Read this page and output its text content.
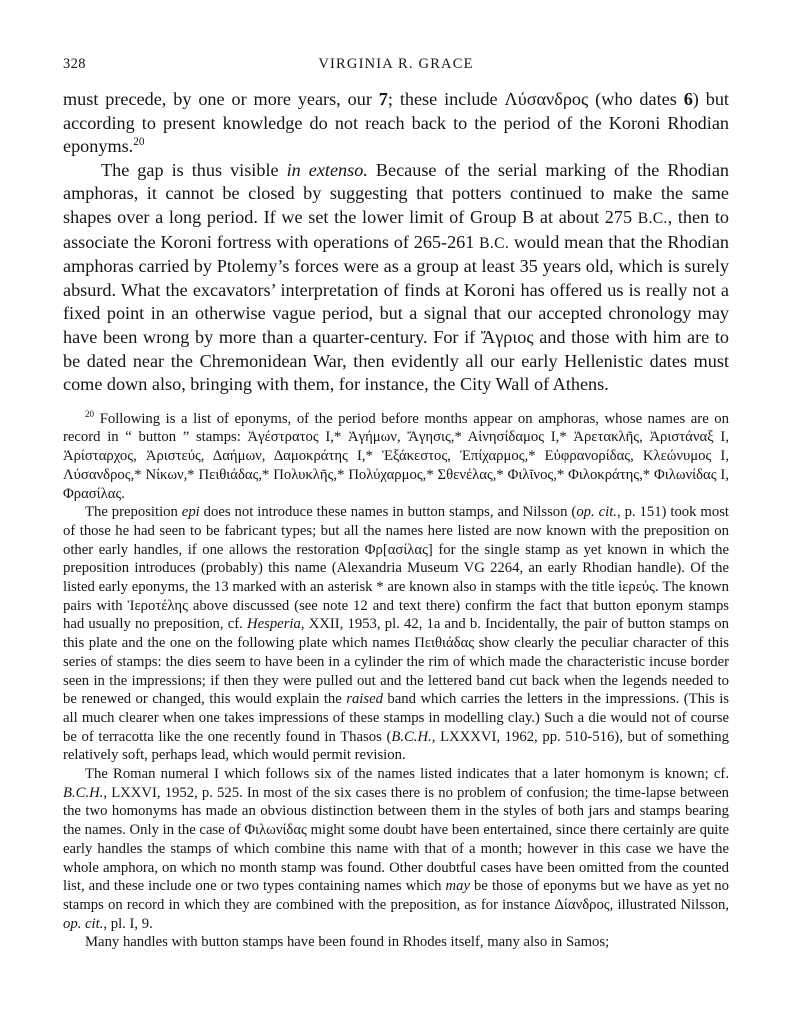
328	VIRGINIA R. GRACE

must precede, by one or more years, our 7; these include Λύσανδρος (who dates 6) but according to present knowledge do not reach back to the period of the Koroni Rhodian eponyms.$^{20}$

The gap is thus visible in extenso. Because of the serial marking of the Rhodian amphoras, it cannot be closed by suggesting that potters continued to make the same shapes over a long period. If we set the lower limit of Group B at about 275 B.C., then to associate the Koroni fortress with operations of 265-261 B.C. would mean that the Rhodian amphoras carried by Ptolemy’s forces were as a group at least 35 years old, which is surely absurd. What the excavators’ interpretation of finds at Koroni has offered us is really not a fixed point in an otherwise vague period, but a signal that our accepted chronology may have been wrong by more than a quarter-century. For if Ἄγριος and those with him are to be dated near the Chremonidean War, then evidently all our early Hellenistic dates must come down also, bringing with them, for instance, the City Wall of Athens.

$^{20}$ Following is a list of eponyms, of the period before months appear on amphoras, whose names are on record in “ button ” stamps: Ἀγέστρατος I,* Ἀγήμων, Ἄγησις,* Αἰνησίδαμος I,* Ἀρετακλῆς, Ἀριστάναξ I, Ἀρίσταρχος, Ἀριστεύς, Δαήμων, Δαμοκράτης I,* Ἐξάκεστος, Ἐπίχαρμος,* Εὐφρανορίδας, Κλεώνυμος I, Λύσανδρος,* Νίκων,* Πειθιάδας,* Πολυκλῆς,* Πολύχαρμος,* Σθενέλας,* Φιλῖνος,* Φιλοκράτης,* Φιλωνίδας I, Φρασίλας.

The preposition epi does not introduce these names in button stamps, and Nilsson (op. cit., p. 151) took most of those he had seen to be fabricant types; but all the names here listed are now known with the preposition on other early handles, if one allows the restoration Φρ[ασίλας] for the single stamp as yet known in which the preposition introduces (probably) this name (Alexandria Museum VG 2264, an early Rhodian handle). Of the listed early eponyms, the 13 marked with an asterisk * are known also in stamps with the title ἱερεύς. The known pairs with Ἱεροτέλης above discussed (see note 12 and text there) confirm the fact that button eponym stamps had usually no preposition, cf. Hesperia, XXII, 1953, pl. 42, 1a and b. Incidentally, the pair of button stamps on this plate and the one on the following plate which names Πειθιάδας show clearly the peculiar character of this series of stamps: the dies seem to have been in a cylinder the rim of which made the characteristic incuse border seen in the impressions; if then they were pulled out and the lettered band cut back when the legends needed to be renewed or changed, this would explain the raised band which carries the letters in the impressions. (This is all much clearer when one takes impressions of these stamps in modelling clay.) Such a die would not of course be of terracotta like the one recently found in Thasos (B.C.H., LXXXVI, 1962, pp. 510-516), but of something relatively soft, perhaps lead, which would permit revision.

The Roman numeral I which follows six of the names listed indicates that a later homonym is known; cf. B.C.H., LXXVI, 1952, p. 525. In most of the six cases there is no problem of confusion; the time-lapse between the two homonyms has made an obvious distinction between them in the styles of both jars and stamps bearing the names. Only in the case of Φιλωνίδας might some doubt have been entertained, since there certainly are quite early handles the stamps of which combine this name with that of a month; however in this case we have the whole amphora, on which no month stamp was found. Other doubtful cases have been omitted from the counted list, and these include one or two types containing names which may be those of eponyms but we have as yet no stamps on record in which they are combined with the preposition, as for instance Δίανδρος, illustrated Nilsson, op. cit., pl. I, 9.

Many handles with button stamps have been found in Rhodes itself, many also in Samos;
